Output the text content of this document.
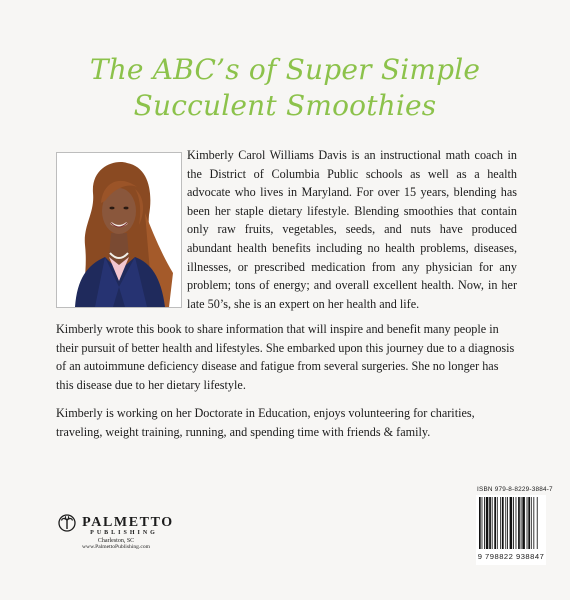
The ABC’s of Super Simple
Succulent Smoothies
Kimberly Carol Williams Davis is an instructional math coach in the District of Columbia Public schools as well as a health advocate who lives in Maryland. For over 15 years, blending has been her staple dietary lifestyle. Blending smoothies that contain only raw fruits, vegetables, seeds, and nuts have produced abundant health benefits including no health problems, diseases, illnesses, or prescribed medication from any physician for any problem; tons of energy; and overall excellent health. Now, in her late 50’s, she is an expert on her health and life.
Kimberly wrote this book to share information that will inspire and benefit many people in their pursuit of better health and lifestyles. She embarked upon this journey due to a diagnosis of an autoimmune deficiency disease and fatigue from several surgeries. She no longer has this disease due to her dietary lifestyle.
Kimberly is working on her Doctorate in Education, enjoys volunteering for charities, traveling, weight training, running, and spending time with friends & family.
PALMETTO
PUBLISHING
Charleston, SC
www.PalmettoPublishing.com
ISBN 979-8-8229-3884-7
9 798822 938847
